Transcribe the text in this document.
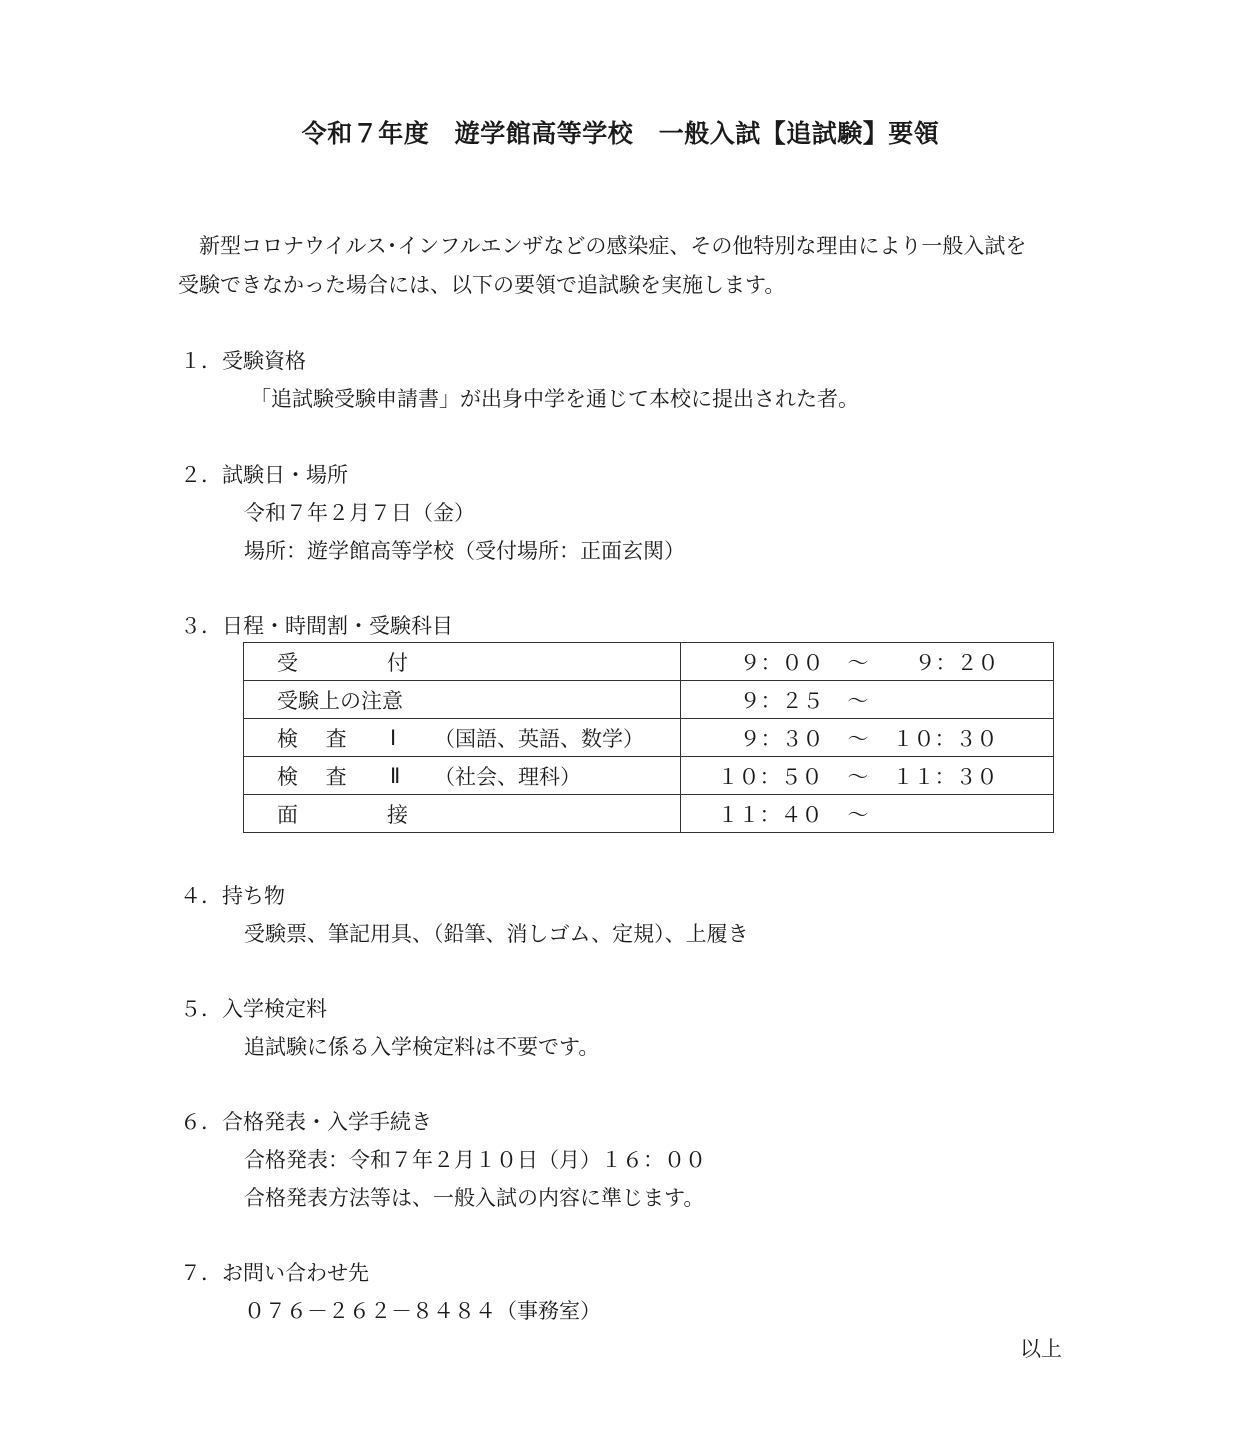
令和７年度　遊学館高等学校　一般入試【追試験】要領
　新型コロナウイルス･インフルエンザなどの感染症、その他特別な理由により一般入試を
受験できなかった場合には、以下の要領で追試験を実施します。
１．受験資格
「追試験受験申請書」が出身中学を通じて本校に提出された者。
２．試験日・場所
令和７年２月７日（金）
場所：遊学館高等学校（受付場所：正面玄関）
３．日程・時間割・受験科目
受 付	９：００ ～ ９：２０

受験上の注意	９：２５ ～

検　 査 Ⅰ （国語、英語、数学）	９：３０ ～ １０：３０

検　 査 Ⅱ （社会、理科）	１０：５０ ～ １１：３０

面 接	１１：４０ ～
４．持ち物
受験票、筆記用具、（鉛筆、消しゴム、定規）、上履き
５．入学検定料
追試験に係る入学検定料は不要です。
６．合格発表・入学手続き
合格発表：令和７年２月１０日（月）１６：００
合格発表方法等は、一般入試の内容に準じます。
７．お問い合わせ先
０７６－２６２－８４８４（事務室）
以上
